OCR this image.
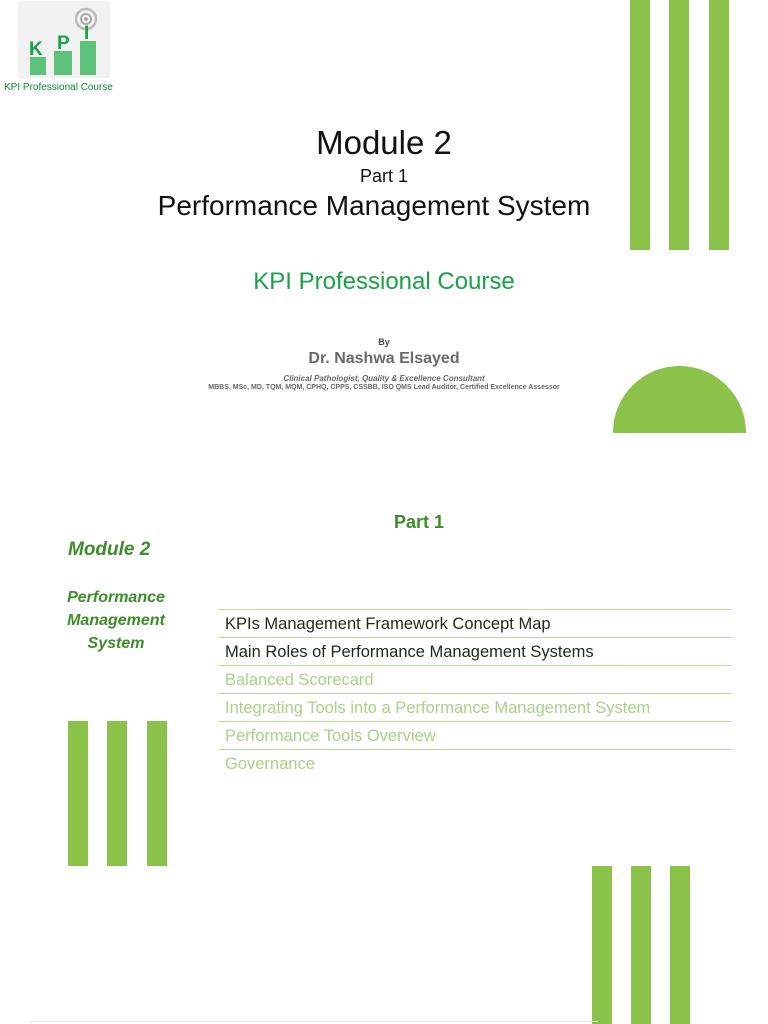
K P I
KPI Professional Course
Module 2
Part 1
Performance Management System
KPI Professional Course
By
Dr. Nashwa Elsayed
Clinical Pathologist, Quality & Excellence Consultant
MBBS, MSc, MD, TQM, MQM, CPHQ, CPPS, CSSBB, ISO QMS Lead Auditor, Certified Excellence Assessor
Part 1
Module 2
Performance
Management
System
KPIs Management Framework Concept Map
Main Roles of Performance Management Systems
Balanced Scorecard
Integrating Tools into a Performance Management System
Performance Tools Overview
Governance
